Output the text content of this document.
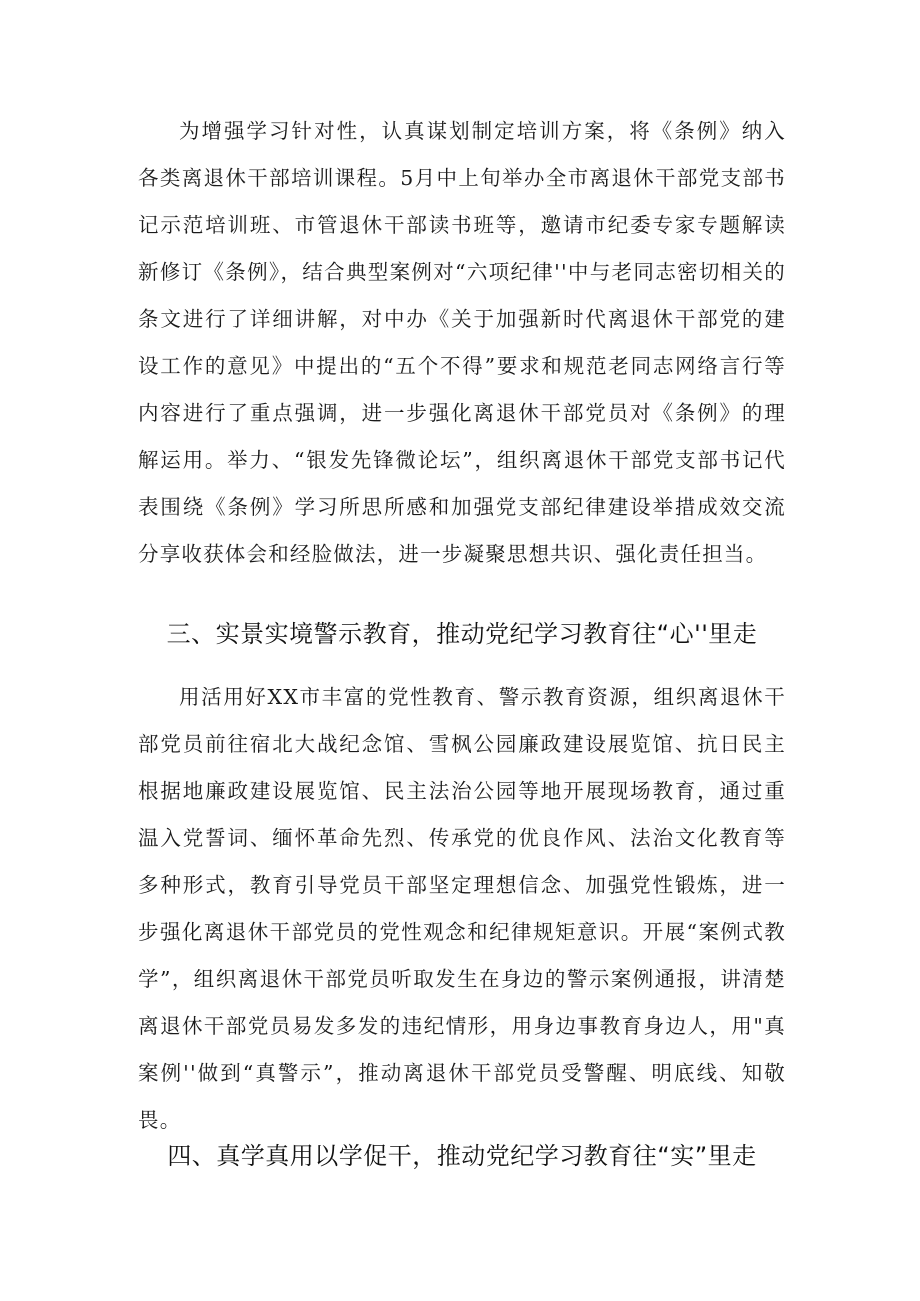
为增强学习针对性，认真谋划制定培训方案，将《条例》纳入各类离退休干部培训课程。5月中上旬举办全市离退休干部党支部书记示范培训班、市管退休干部读书班等，邀请市纪委专家专题解读新修订《条例》，结合典型案例对“六项纪律''中与老同志密切相关的条文进行了详细讲解，对中办《关于加强新时代离退休干部党的建设工作的意见》中提出的“五个不得”要求和规范老同志网络言行等内容进行了重点强调，进一步强化离退休干部党员对《条例》的理解运用。举力、“银发先锋微论坛”，组织离退休干部党支部书记代表围绕《条例》学习所思所感和加强党支部纪律建设举措成效交流分享收获体会和经脸做法，进一步凝聚思想共识、强化责任担当。

三、实景实境警示教育，推动党纪学习教育往“心''里走

用活用好XX市丰富的党性教育、警示教育资源，组织离退休干部党员前往宿北大战纪念馆、雪枫公园廉政建设展览馆、抗日民主根据地廉政建设展览馆、民主法治公园等地开展现场教育，通过重温入党誓词、缅怀革命先烈、传承党的优良作风、法治文化教育等多种形式，教育引导党员干部坚定理想信念、加强党性锻炼，进一步强化离退休干部党员的党性观念和纪律规矩意识。开展“案例式教学”，组织离退休干部党员听取发生在身边的警示案例通报，讲清楚离退休干部党员易发多发的违纪情形，用身边事教育身边人，用"真案例''做到“真警示”，推动离退休干部党员受警醒、明底线、知敬畏。

四、真学真用以学促干，推动党纪学习教育往“实”里走
